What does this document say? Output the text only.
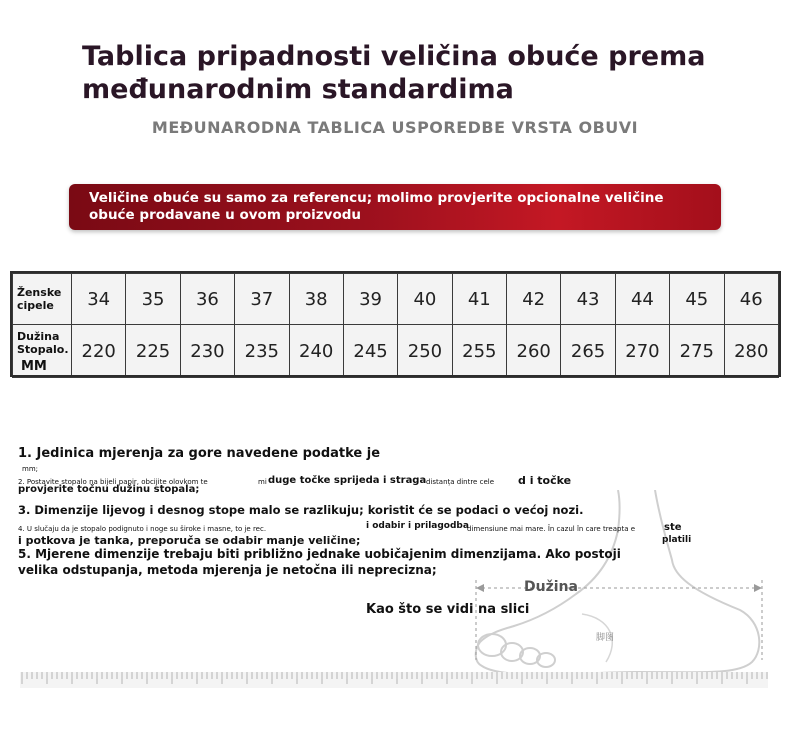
Tablica pripadnosti veličina obuće prema međunarodnim standardima
MEĐUNARODNA TABLICA USPOREDBE VRSTA OBUVI
Veličine obuće su samo za referencu; molimo provjerite opcionalne veličine obuće prodavane u ovom proizvodu
Ženske cipele	34	35	36	37	38	39	40	41	42	43	44	45	46
Dužina Stopalo.
MM	220	225	230	235	240	245	250	255	260	265	270	275	280
1. Jedinica mjerenja za gore navedene podatke je
mm;
2. Postavite stopalo na bijeli papir, obcijite olovkom te	mi duge točke sprijeda i straga distanța dintre cele d i točke
provjerite točnu dužinu stopala;
3. Dimenzije lijevog i desnog stope malo se razlikuju; koristit će se podaci o većoj nozi.
4. U slučaju da je stopalo podignuto i noge su široke i masne, to je rec.	i odabir i prilagodba
dimensiune mai mare. În cazul în care treapta e	ste
i potkova je tanka, preporuča se odabir manje veličine;	platili
5. Mjerene dimenzije trebaju biti približno jednake uobičajenim dimenzijama. Ako postoji
velika odstupanja, metoda mjerenja je netočna ili neprecizna;
Dužina
Kao što se vidi na slici
脚图
